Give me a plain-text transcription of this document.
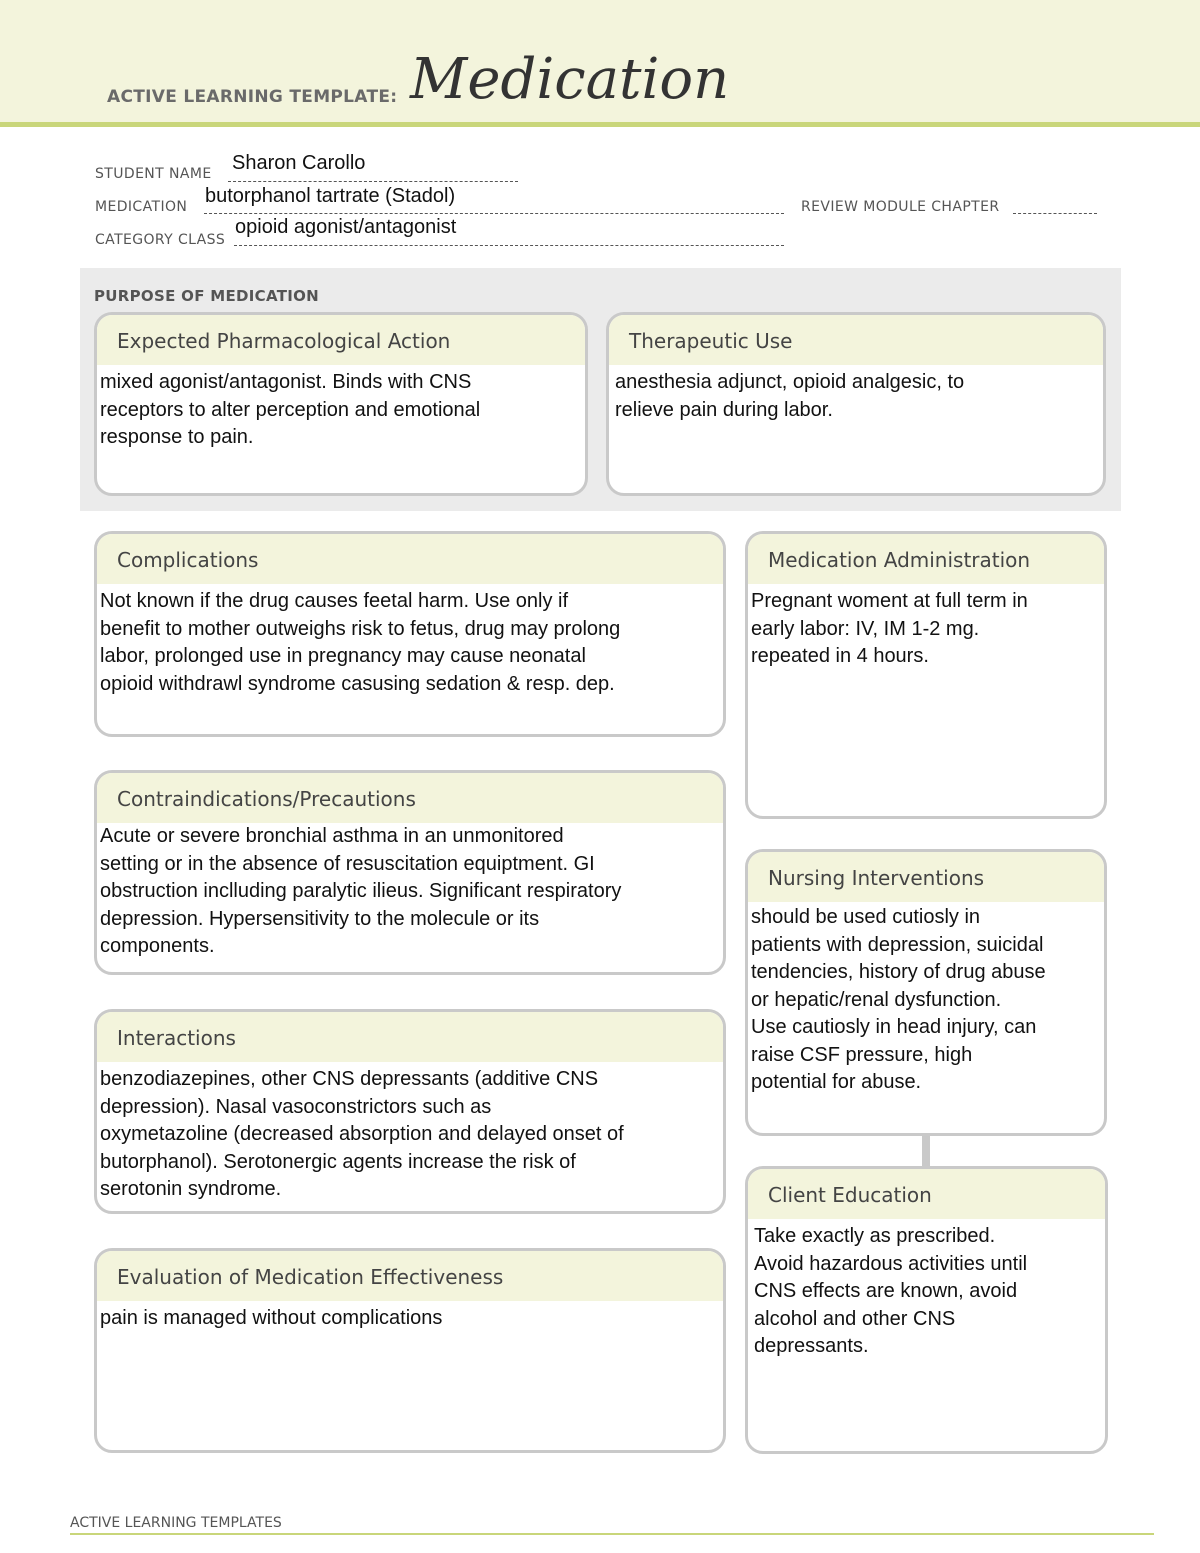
ACTIVE LEARNING TEMPLATE: Medication
STUDENT NAME Sharon Carollo
MEDICATION butorphanol tartrate (Stadol)	REVIEW MODULE CHAPTER
CATEGORY CLASS
opioid agonist/antagonist
PURPOSE OF MEDICATION
Expected Pharmacological Action
mixed agonist/antagonist. Binds with CNS
receptors to alter perception and emotional
response to pain.
Therapeutic Use
anesthesia adjunct, opioid analgesic, to
relieve pain during labor.
Complications
Not known if the drug causes feetal harm. Use only if
benefit to mother outweighs risk to fetus, drug may prolong
labor, prolonged use in pregnancy may cause neonatal
opioid withdrawl syndrome casusing sedation & resp. dep.
Contraindications/Precautions
Acute or severe bronchial asthma in an unmonitored
setting or in the absence of resuscitation equiptment. GI
obstruction inclluding paralytic ilieus. Significant respiratory
depression. Hypersensitivity to the molecule or its
components.
Interactions
benzodiazepines, other CNS depressants (additive CNS
depression). Nasal vasoconstrictors such as
oxymetazoline (decreased absorption and delayed onset of
butorphanol). Serotonergic agents increase the risk of
serotonin syndrome.
Evaluation of Medication Effectiveness
pain is managed without complications
Medication Administration
Pregnant woment at full term in
early labor: IV, IM 1-2 mg.
repeated in 4 hours.
Nursing Interventions
should be used cutiosly in
patients with depression, suicidal
tendencies, history of drug abuse
or hepatic/renal dysfunction.
Use cautiosly in head injury, can
raise CSF pressure, high
potential for abuse.
Client Education
Take exactly as prescribed.
Avoid hazardous activities until
CNS effects are known, avoid
alcohol and other CNS
depressants.
ACTIVE LEARNING TEMPLATES
